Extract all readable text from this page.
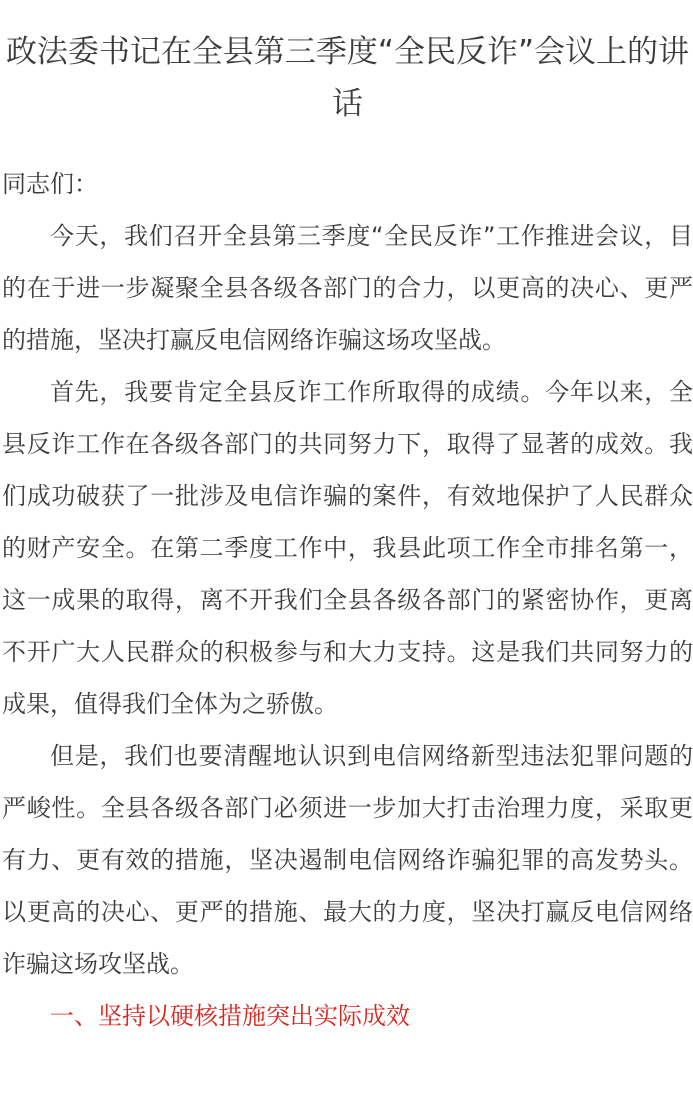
政法委书记在全县第三季度“全民反诈”会议上的讲话

同志们：

今天，我们召开全县第三季度“全民反诈”工作推进会议，目的在于进一步凝聚全县各级各部门的合力，以更高的决心、更严的措施，坚决打赢反电信网络诈骗这场攻坚战。

首先，我要肯定全县反诈工作所取得的成绩。今年以来，全县反诈工作在各级各部门的共同努力下，取得了显著的成效。我们成功破获了一批涉及电信诈骗的案件，有效地保护了人民群众的财产安全。在第二季度工作中，我县此项工作全市排名第一，这一成果的取得，离不开我们全县各级各部门的紧密协作，更离不开广大人民群众的积极参与和大力支持。这是我们共同努力的成果，值得我们全体为之骄傲。

但是，我们也要清醒地认识到电信网络新型违法犯罪问题的严峻性。全县各级各部门必须进一步加大打击治理力度，采取更有力、更有效的措施，坚决遏制电信网络诈骗犯罪的高发势头。以更高的决心、更严的措施、最大的力度，坚决打赢反电信网络诈骗这场攻坚战。

一、坚持以硬核措施突出实际成效
